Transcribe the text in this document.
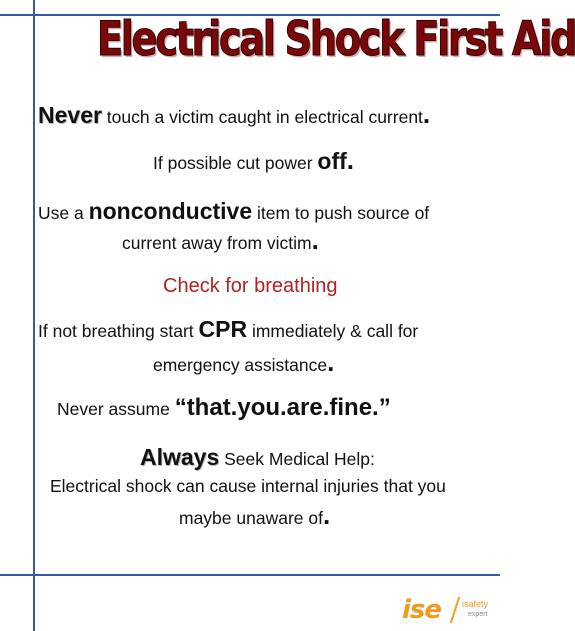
Electrical Shock First Aid
Never touch a victim caught in electrical current.
If possible cut power off.
Use a nonconductive item to push source of
current away from victim.
Check for breathing
If not breathing start CPR immediately & call for
emergency assistance.
Never assume “that.you.are.fine.”
Always Seek Medical Help:
Electrical shock can cause internal injuries that you
maybe unaware of.
ise isafety
expert
